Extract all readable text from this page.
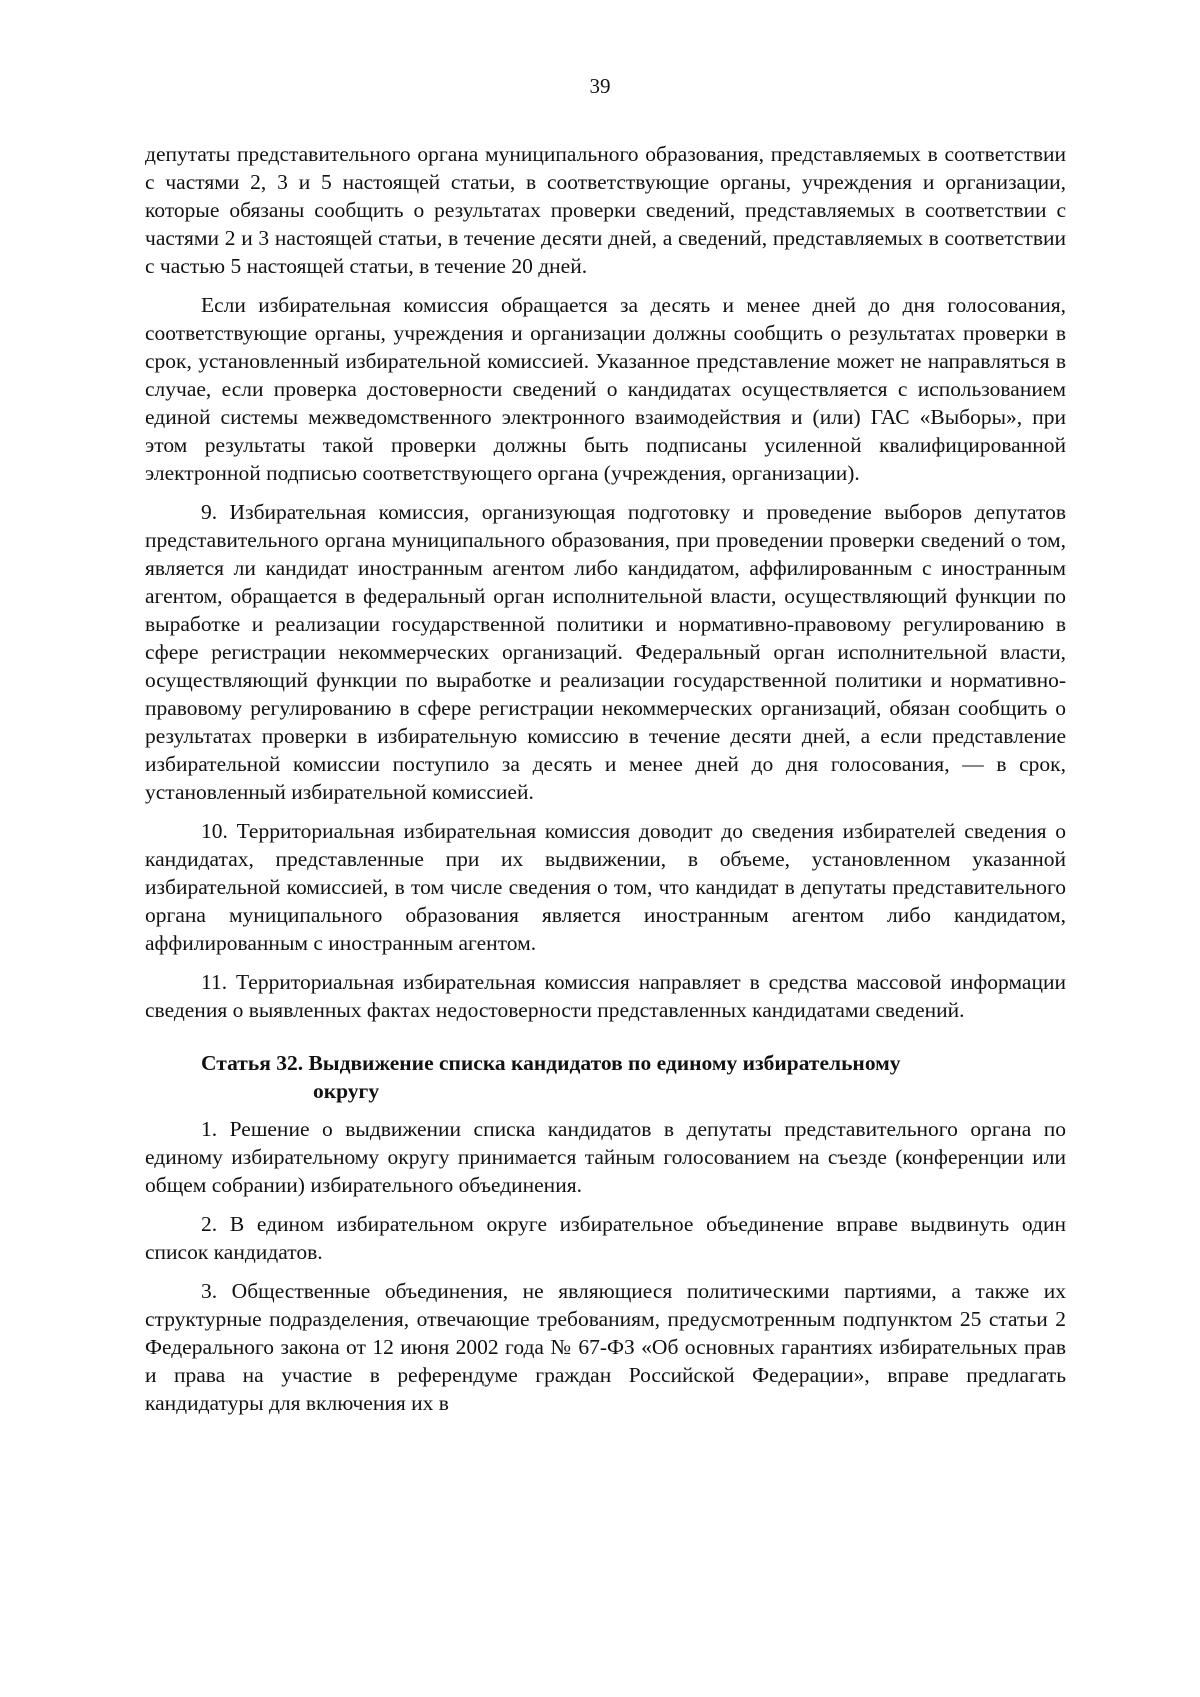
39

депутаты представительного органа муниципального образования, представляемых в соответствии с частями 2, 3 и 5 настоящей статьи, в соответствующие органы, учреждения и организации, которые обязаны сообщить о результатах проверки сведений, представляемых в соответствии с частями 2 и 3 настоящей статьи, в течение десяти дней, а сведений, представляемых в соответствии с частью 5 настоящей статьи, в течение 20 дней.

Если избирательная комиссия обращается за десять и менее дней до дня голосования, соответствующие органы, учреждения и организации должны сообщить о результатах проверки в срок, установленный избирательной комиссией. Указанное представление может не направляться в случае, если проверка достоверности сведений о кандидатах осуществляется с использованием единой системы межведомственного электронного взаимодействия и (или) ГАС «Выборы», при этом результаты такой проверки должны быть подписаны усиленной квалифицированной электронной подписью соответствующего органа (учреждения, организации).

9. Избирательная комиссия, организующая подготовку и проведение выборов депутатов представительного органа муниципального образования, при проведении проверки сведений о том, является ли кандидат иностранным агентом либо кандидатом, аффилированным с иностранным агентом, обращается в федеральный орган исполнительной власти, осуществляющий функции по выработке и реализации государственной политики и нормативно-правовому регулированию в сфере регистрации некоммерческих организаций. Федеральный орган исполнительной власти, осуществляющий функции по выработке и реализации государственной политики и нормативно-правовому регулированию в сфере регистрации некоммерческих организаций, обязан сообщить о результатах проверки в избирательную комиссию в течение десяти дней, а если представление избирательной комиссии поступило за десять и менее дней до дня голосования, — в срок, установленный избирательной комиссией.

10. Территориальная избирательная комиссия доводит до сведения избирателей сведения о кандидатах, представленные при их выдвижении, в объеме, установленном указанной избирательной комиссией, в том числе сведения о том, что кандидат в депутаты представительного органа муниципального образования является иностранным агентом либо кандидатом, аффилированным с иностранным агентом.

11. Территориальная избирательная комиссия направляет в средства массовой информации сведения о выявленных фактах недостоверности представленных кандидатами сведений.

Статья 32. Выдвижение списка кандидатов по единому избирательному
округу

1. Решение о выдвижении списка кандидатов в депутаты представительного органа по единому избирательному округу принимается тайным голосованием на съезде (конференции или общем собрании) избирательного объединения.

2. В едином избирательном округе избирательное объединение вправе выдвинуть один список кандидатов.

3. Общественные объединения, не являющиеся политическими партиями, а также их структурные подразделения, отвечающие требованиям, предусмотренным подпунктом 25 статьи 2 Федерального закона от 12 июня 2002 года № 67-ФЗ «Об основных гарантиях избирательных прав и права на участие в референдуме граждан Российской Федерации», вправе предлагать кандидатуры для включения их в
